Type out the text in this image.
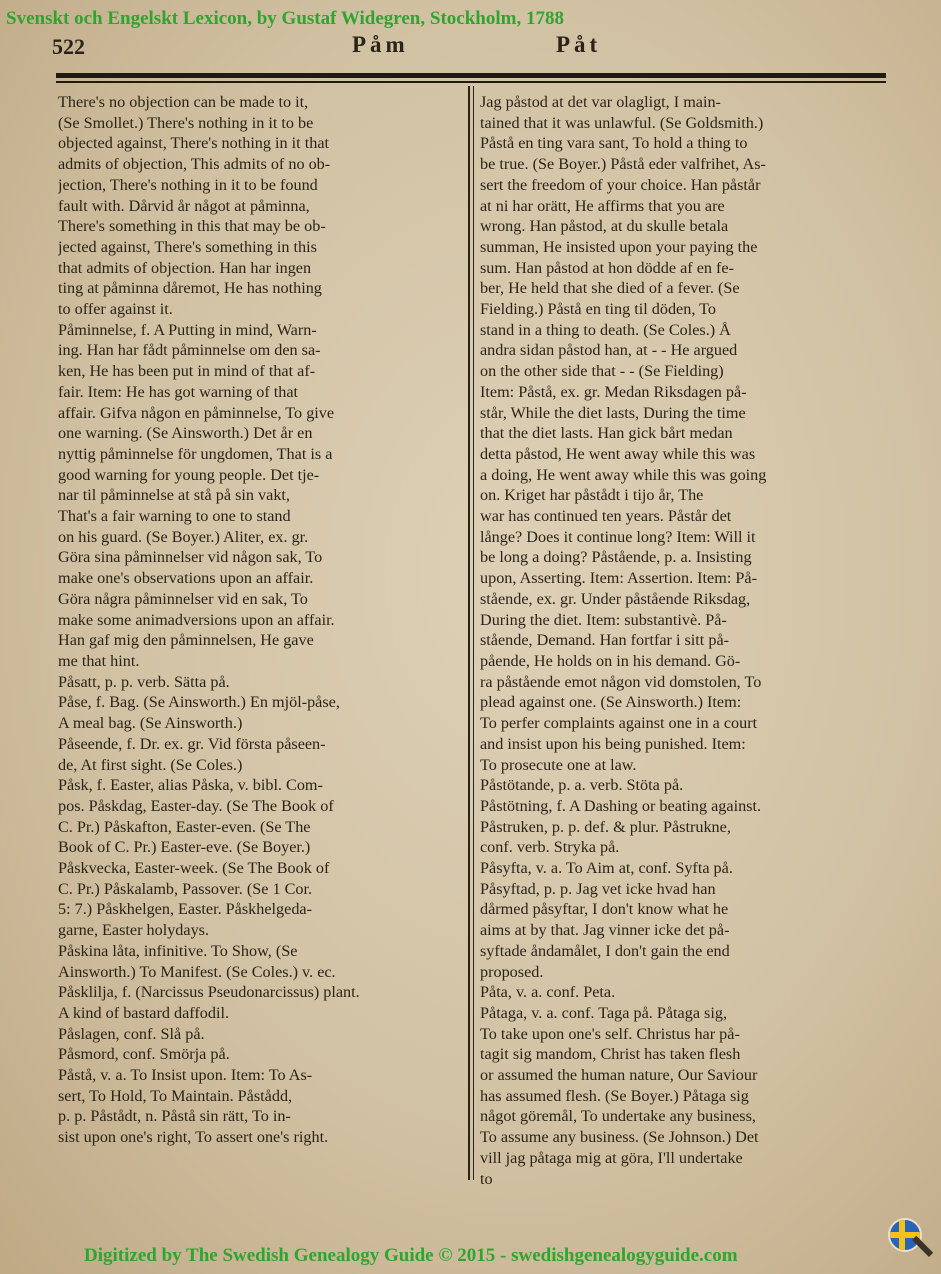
Svenskt och Engelskt Lexicon, by Gustaf Widegren, Stockholm, 1788
522	Påm	Påt
There's no objection can be made to it,
(Se Smollet.) There's nothing in it to be
objected against, There's nothing in it that
admits of objection, This admits of no ob-
jection, There's nothing in it to be found
fault with. Dårvid år något at påminna,
There's something in this that may be ob-
jected against, There's something in this
that admits of objection. Han har ingen
ting at påminna dåremot, He has nothing
to offer against it.
Påminnelse, f. A Putting in mind, Warn-
ing. Han har fådt påminnelse om den sa-
ken, He has been put in mind of that af-
fair. Item: He has got warning of that
affair. Gifva någon en påminnelse, To give
one warning. (Se Ainsworth.) Det år en
nyttig påminnelse för ungdomen, That is a
good warning for young people. Det tje-
nar til påminnelse at stå på sin vakt,
That's a fair warning to one to stand
on his guard. (Se Boyer.) Aliter, ex. gr.
Göra sina påminnelser vid någon sak, To
make one's observations upon an affair.
Göra några påminnelser vid en sak, To
make some animadversions upon an affair.
Han gaf mig den påminnelsen, He gave
me that hint.
Påsatt, p. p. verb. Sätta på.
Påse, f. Bag. (Se Ainsworth.) En mjöl-påse,
A meal bag. (Se Ainsworth.)
Påseende, f. Dr. ex. gr. Vid första påseen-
de, At first sight. (Se Coles.)
Påsk, f. Easter, alias Påska, v. bibl. Com-
pos. Påskdag, Easter-day. (Se The Book of
C. Pr.) Påskafton, Easter-even. (Se The
Book of C. Pr.) Easter-eve. (Se Boyer.)
Påskvecka, Easter-week. (Se The Book of
C. Pr.) Påskalamb, Passover. (Se 1 Cor.
5: 7.) Påskhelgen, Easter. Påskhelgeda-
garne, Easter holydays.
Påskina låta, infinitive. To Show, (Se
Ainsworth.) To Manifest. (Se Coles.) v. ec.
Påsklilja, f. (Narcissus Pseudonarcissus) plant.
A kind of bastard daffodil.
Påslagen, conf. Slå på.
Påsmord, conf. Smörja på.
Påstå, v. a. To Insist upon. Item: To As-
sert, To Hold, To Maintain. Påstådd,
p. p. Påstådt, n. Påstå sin rätt, To in-
sist upon one's right, To assert one's right.
Jag påstod at det var olagligt, I main-
tained that it was unlawful. (Se Goldsmith.)
Påstå en ting vara sant, To hold a thing to
be true. (Se Boyer.) Påstå eder valfrihet, As-
sert the freedom of your choice. Han påstår
at ni har orätt, He affirms that you are
wrong. Han påstod, at du skulle betala
summan, He insisted upon your paying the
sum. Han påstod at hon dödde af en fe-
ber, He held that she died of a fever. (Se
Fielding.) Påstå en ting til döden, To
stand in a thing to death. (Se Coles.) Å
andra sidan påstod han, at - - He argued
on the other side that - - (Se Fielding)
Item: Påstå, ex. gr. Medan Riksdagen på-
står, While the diet lasts, During the time
that the diet lasts. Han gick bårt medan
detta påstod, He went away while this was
a doing, He went away while this was going
on. Kriget har påstådt i tijo år, The
war has continued ten years. Påstår det
långe? Does it continue long? Item: Will it
be long a doing? Påstående, p. a. Insisting
upon, Asserting. Item: Assertion. Item: På-
stående, ex. gr. Under påstående Riksdag,
During the diet. Item: substantivè. På-
stående, Demand. Han fortfar i sitt på-
pående, He holds on in his demand. Gö-
ra påstående emot någon vid domstolen, To
plead against one. (Se Ainsworth.) Item:
To perfer complaints against one in a court
and insist upon his being punished. Item:
To prosecute one at law.
Påstötande, p. a. verb. Stöta på.
Påstötning, f. A Dashing or beating against.
Påstruken, p. p. def. & plur. Påstrukne,
conf. verb. Stryka på.
Påsyfta, v. a. To Aim at, conf. Syfta på.
Påsyftad, p. p. Jag vet icke hvad han
dårmed påsyftar, I don't know what he
aims at by that. Jag vinner icke det på-
syftade åndamålet, I don't gain the end
proposed.
Påta, v. a. conf. Peta.
Påtaga, v. a. conf. Taga på. Påtaga sig,
To take upon one's self. Christus har på-
tagit sig mandom, Christ has taken flesh
or assumed the human nature, Our Saviour
has assumed flesh. (Se Boyer.) Påtaga sig
något göremål, To undertake any business,
To assume any business. (Se Johnson.) Det
vill jag påtaga mig at göra, I'll undertake
to
Digitized by The Swedish Genealogy Guide © 2015 - swedishgenealogyguide.com
